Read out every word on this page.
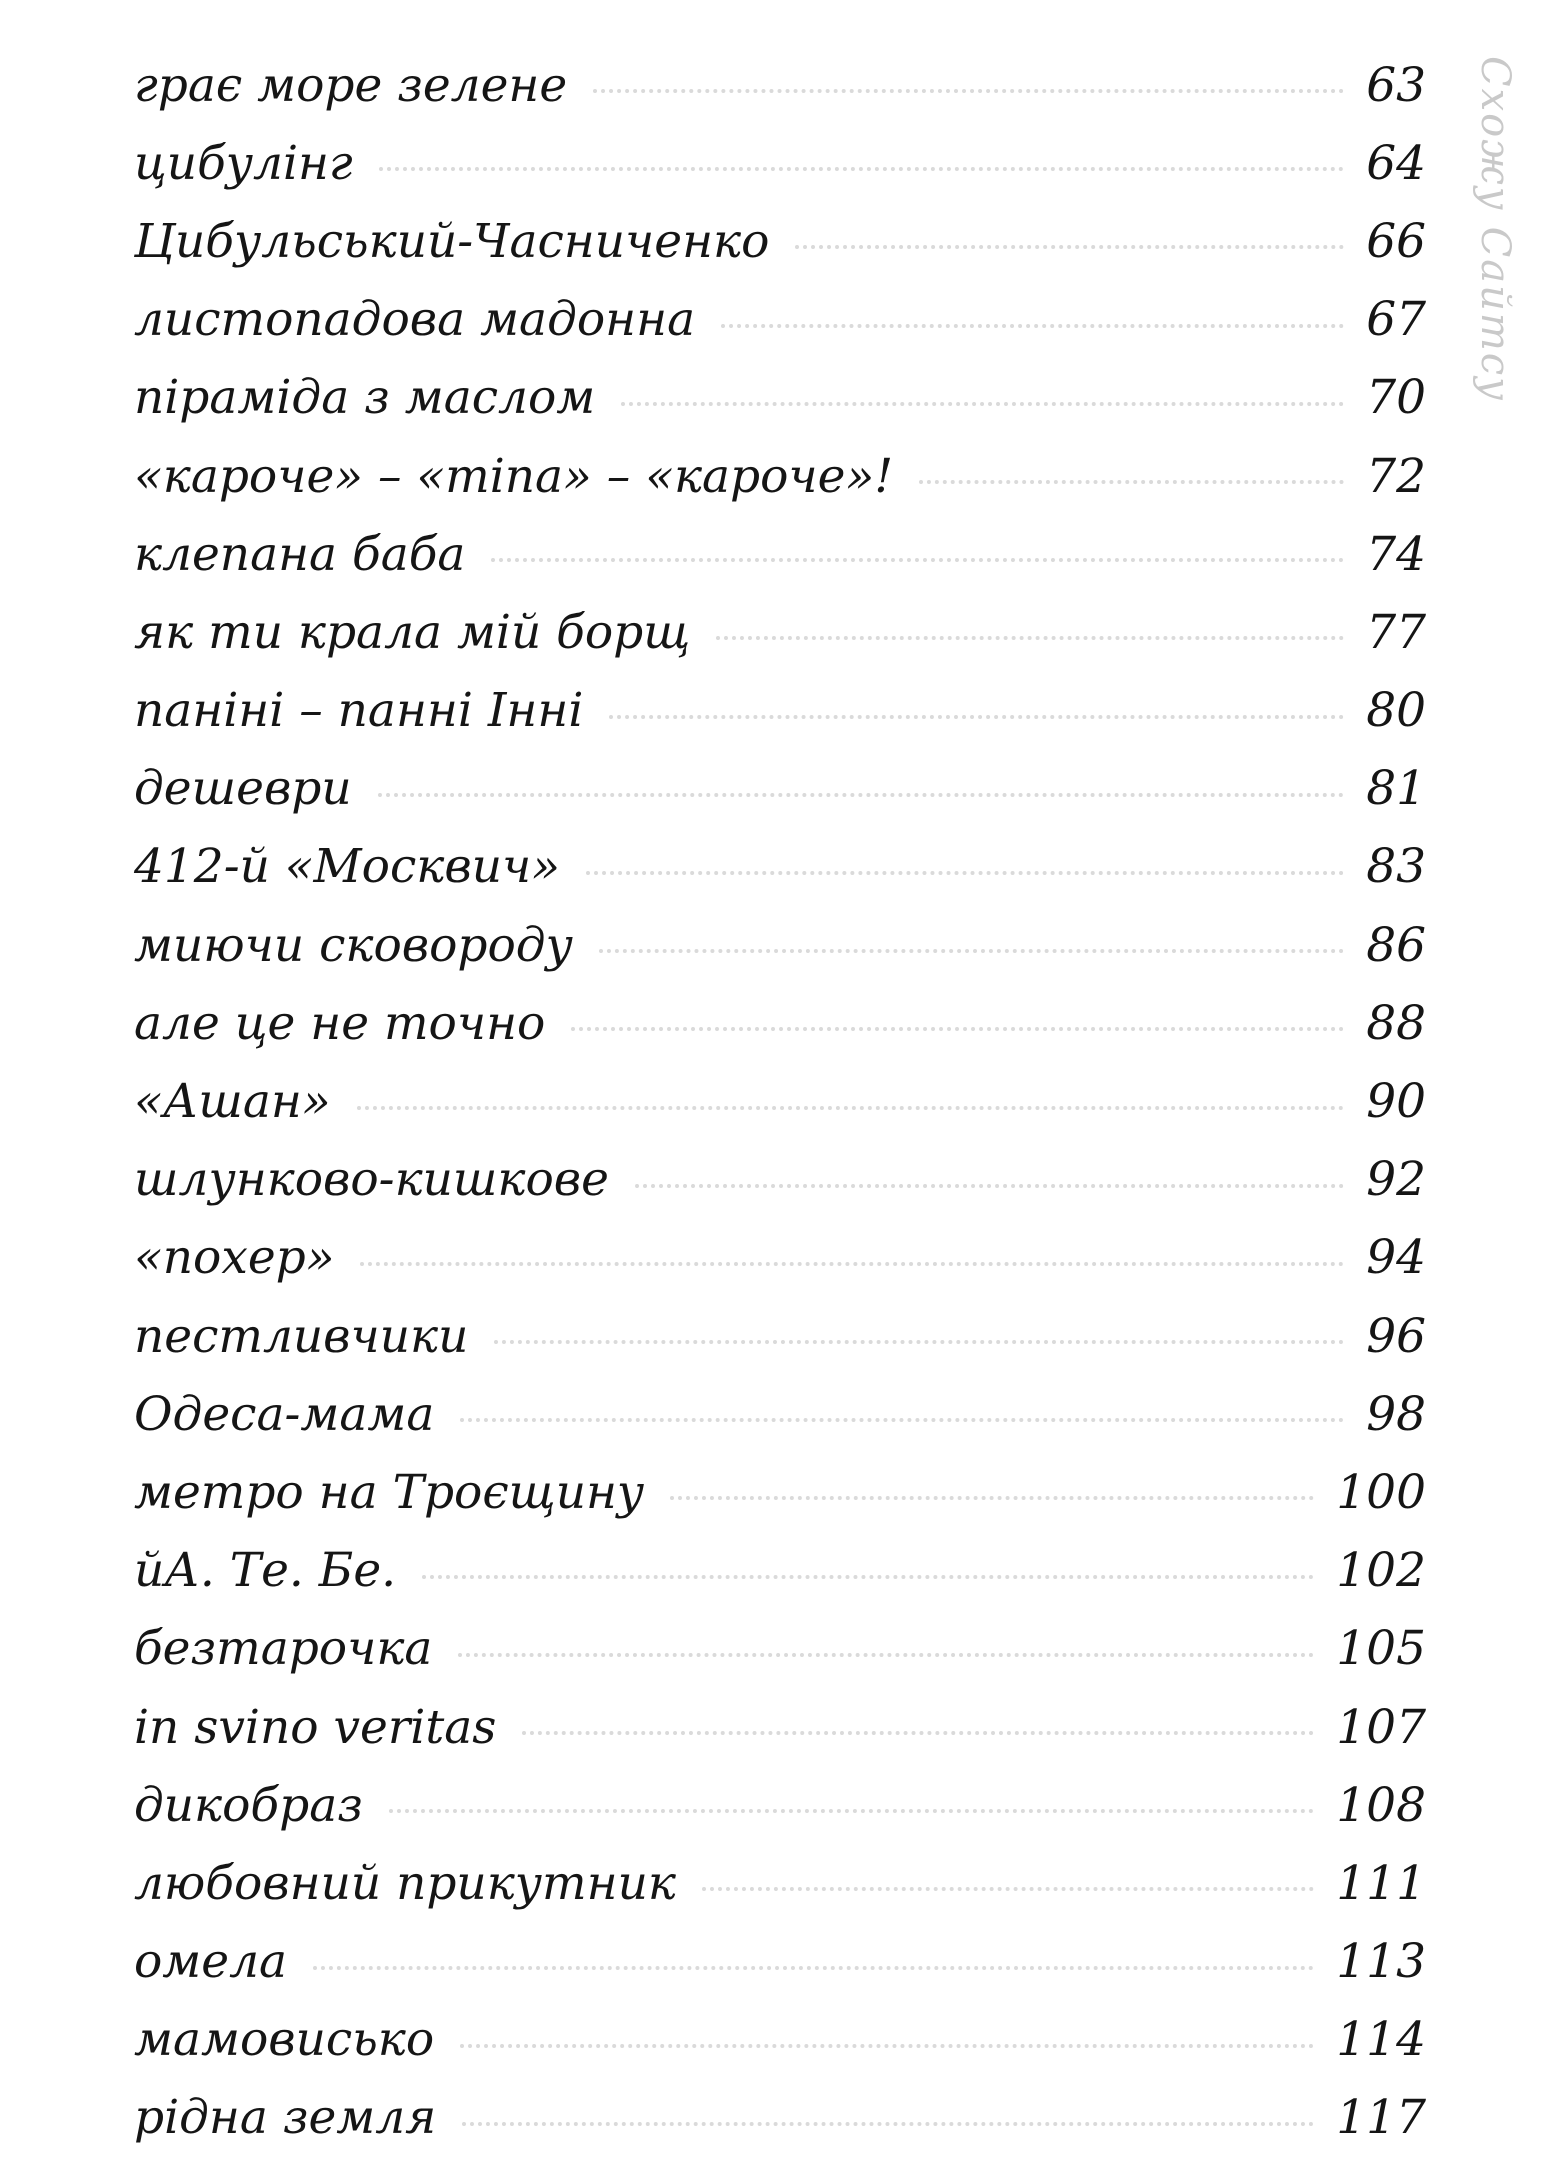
грає море зелене	63
цибулінг	64
Цибульський-Часниченко	66
листопадова мадонна	67
піраміда з маслом	70
«кароче» – «тіпа» – «кароче»!	72
клепана баба	74
як ти крала мій борщ	77
паніні – панні Інні	80
дешеври	81
412-й «Москвич»	83
миючи сковороду	86
але це не точно	88
«Ашан»	90
шлунково-кишкове	92
«похер»	94
пестливчики	96
Одеса-мама	98
метро на Троєщину	100
йА. Те. Бе.	102
безтарочка	105
in svino veritas	107
дикобраз	108
любовний прикутник	111
омела	113
мамовисько	114
рідна земля	117
Схожу Сайтсу
